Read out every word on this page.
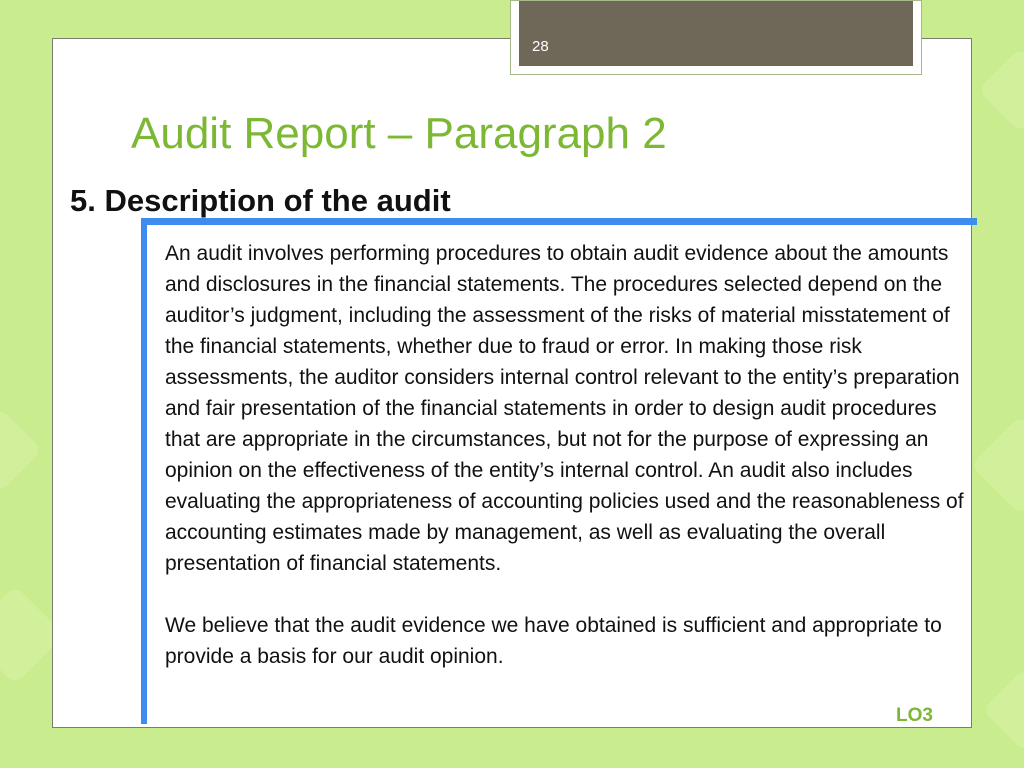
28
Audit Report – Paragraph 2
5. Description of the audit

An audit involves performing procedures to obtain audit evidence about the amounts and disclosures in the financial statements. The procedures selected depend on the auditor’s judgment, including the assessment of the risks of material misstatement of the financial statements, whether due to fraud or error. In making those risk assessments, the auditor considers internal control relevant to the entity’s preparation and fair presentation of the financial statements in order to design audit procedures that are appropriate in the circumstances, but not for the purpose of expressing an opinion on the effectiveness of the entity’s internal control. An audit also includes evaluating the appropriateness of accounting policies used and the reasonableness of accounting estimates made by management, as well as evaluating the overall presentation of financial statements.

We believe that the audit evidence we have obtained is sufficient and appropriate to provide a basis for our audit opinion.

LO3
